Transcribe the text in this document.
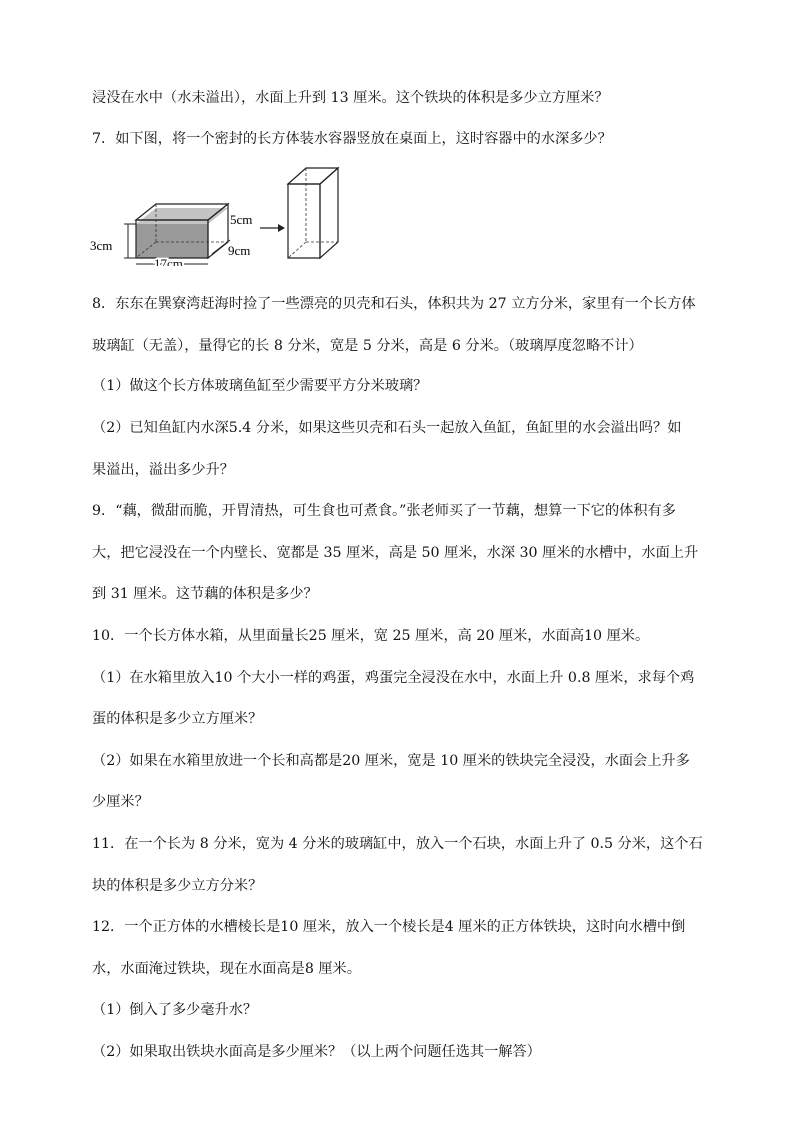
浸没在水中（水未溢出），水面上升到 13 厘米。这个铁块的体积是多少立方厘米？
7．如下图，将一个密封的长方体装水容器竖放在桌面上，这时容器中的水深多少？
5cm
3cm	9cm
17cm
8．东东在巽寮湾赶海时捡了一些漂亮的贝壳和石头，体积共为 27 立方分米，家里有一个长方体
玻璃缸（无盖），量得它的长 8 分米，宽是 5 分米，高是 6 分米。（玻璃厚度忽略不计）
（1）做这个长方体玻璃鱼缸至少需要平方分米玻璃？
（2）已知鱼缸内水深5.4 分米，如果这些贝壳和石头一起放入鱼缸，鱼缸里的水会溢出吗？如
果溢出，溢出多少升？
9．“藕，微甜而脆，开胃清热，可生食也可煮食。”张老师买了一节藕，想算一下它的体积有多
大，把它浸没在一个内壁长、宽都是 35 厘米，高是 50 厘米，水深 30 厘米的水槽中，水面上升
到 31 厘米。这节藕的体积是多少？
10．一个长方体水箱，从里面量长25 厘米，宽 25 厘米，高 20 厘米，水面高10 厘米。
（1）在水箱里放入10 个大小一样的鸡蛋，鸡蛋完全浸没在水中，水面上升 0.8 厘米，求每个鸡
蛋的体积是多少立方厘米？
（2）如果在水箱里放进一个长和高都是20 厘米，宽是 10 厘米的铁块完全浸没，水面会上升多
少厘米？
11．在一个长为 8 分米，宽为 4 分米的玻璃缸中，放入一个石块，水面上升了 0.5 分米，这个石
块的体积是多少立方分米？
12．一个正方体的水槽棱长是10 厘米，放入一个棱长是4 厘米的正方体铁块，这时向水槽中倒
水，水面淹过铁块，现在水面高是8 厘米。
（1）倒入了多少毫升水？
（2）如果取出铁块水面高是多少厘米？（以上两个问题任选其一解答）
